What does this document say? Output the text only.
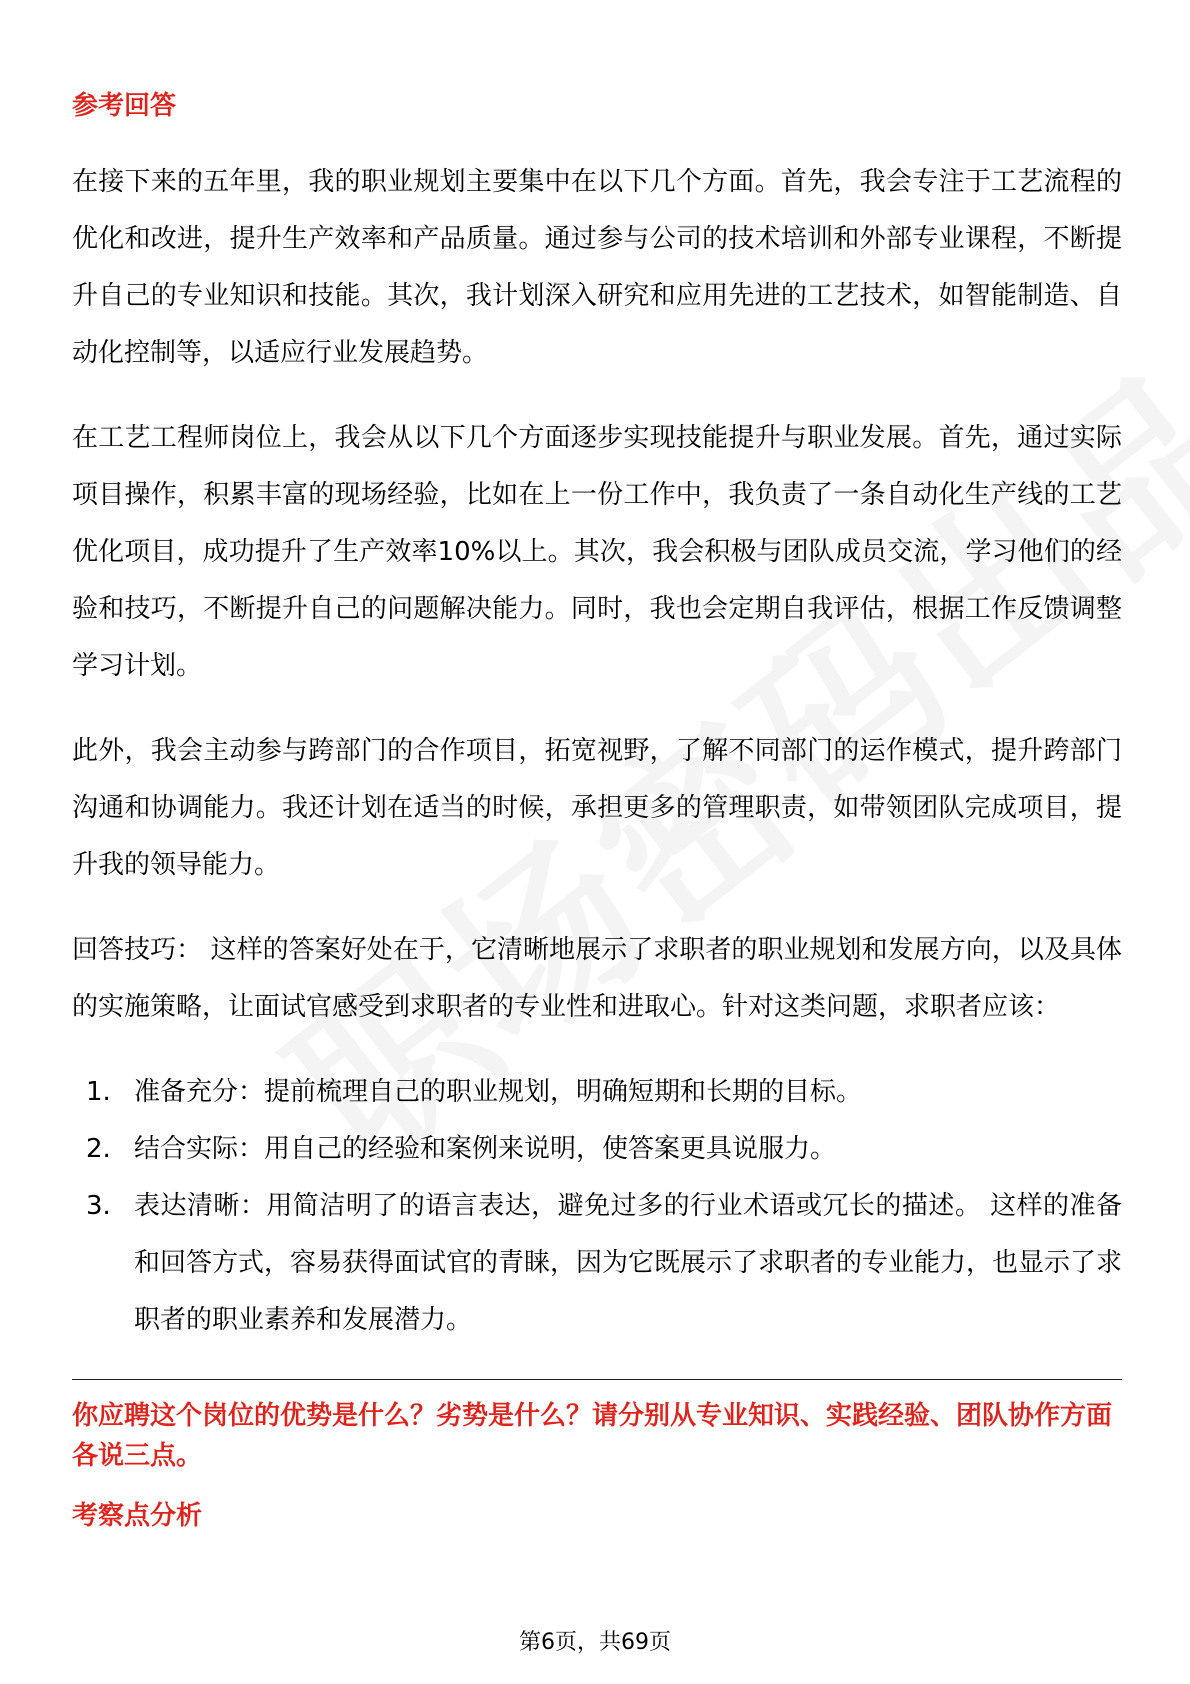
参考回答

在接下来的五年里，我的职业规划主要集中在以下几个方面。首先，我会专注于工艺流程的优化和改进，提升生产效率和产品质量。通过参与公司的技术培训和外部专业课程，不断提升自己的专业知识和技能。其次，我计划深入研究和应用先进的工艺技术，如智能制造、自动化控制等，以适应行业发展趋势。

在工艺工程师岗位上，我会从以下几个方面逐步实现技能提升与职业发展。首先，通过实际项目操作，积累丰富的现场经验，比如在上一份工作中，我负责了一条自动化生产线的工艺优化项目，成功提升了生产效率10%以上。其次，我会积极与团队成员交流，学习他们的经验和技巧，不断提升自己的问题解决能力。同时，我也会定期自我评估，根据工作反馈调整学习计划。

此外，我会主动参与跨部门的合作项目，拓宽视野，了解不同部门的运作模式，提升跨部门沟通和协调能力。我还计划在适当的时候，承担更多的管理职责，如带领团队完成项目，提升我的领导能力。

回答技巧： 这样的答案好处在于，它清晰地展示了求职者的职业规划和发展方向，以及具体的实施策略，让面试官感受到求职者的专业性和进取心。针对这类问题，求职者应该：

1. 准备充分：提前梳理自己的职业规划，明确短期和长期的目标。
2. 结合实际：用自己的经验和案例来说明，使答案更具说服力。
3. 表达清晰：用简洁明了的语言表达，避免过多的行业术语或冗长的描述。 这样的准备和回答方式，容易获得面试官的青睐，因为它既展示了求职者的专业能力，也显示了求职者的职业素养和发展潜力。
你应聘这个岗位的优势是什么？劣势是什么？请分别从专业知识、实践经验、团队协作方面各说三点。
考察点分析
第6页，共69页
